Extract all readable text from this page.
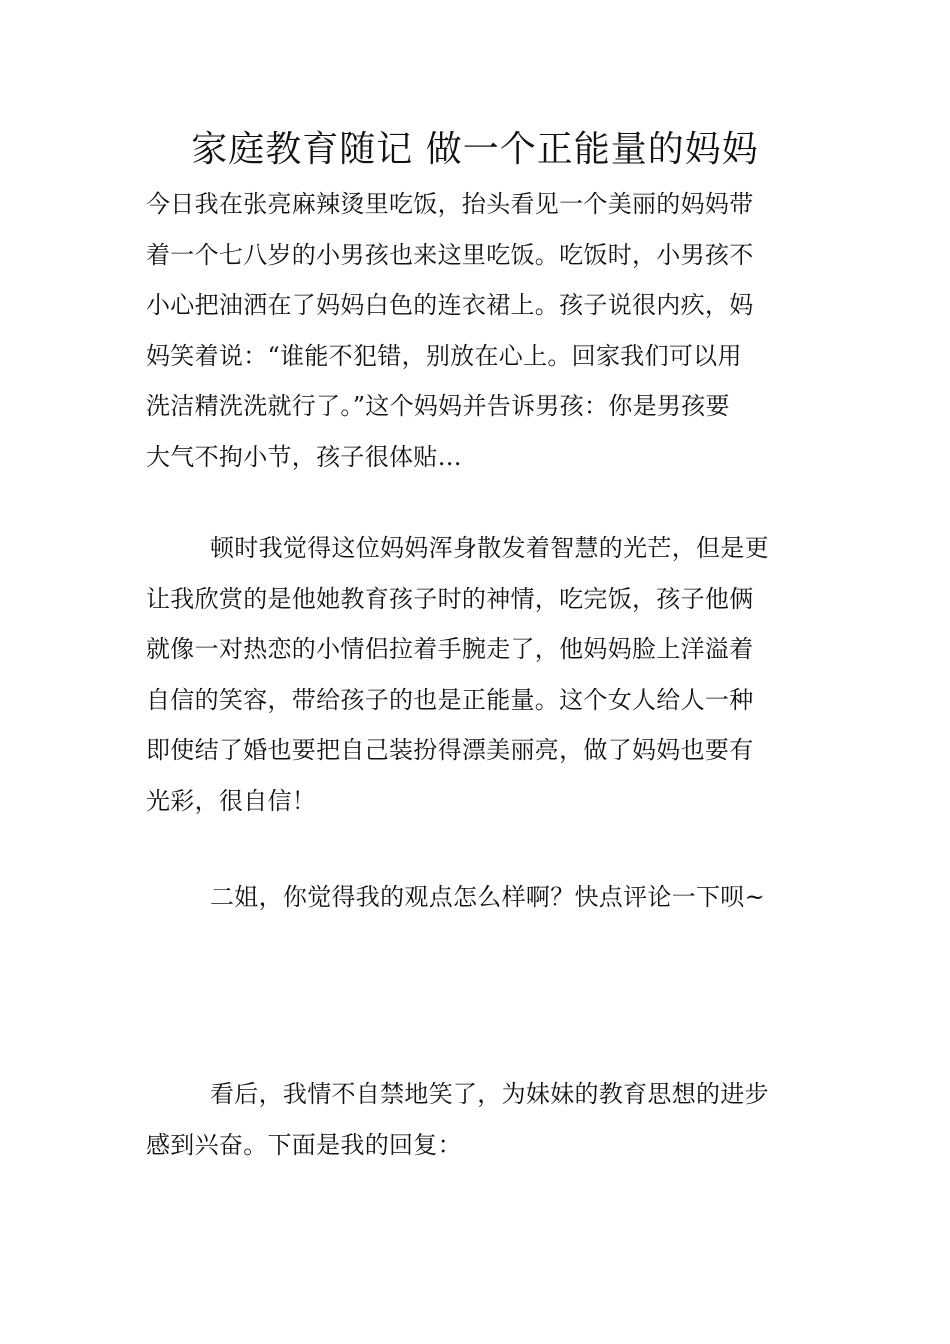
家庭教育随记 做一个正能量的妈妈
今日我在张亮麻辣烫里吃饭，抬头看见一个美丽的妈妈带
着一个七八岁的小男孩也来这里吃饭。吃饭时，小男孩不
小心把油洒在了妈妈白色的连衣裙上。孩子说很内疚，妈
妈笑着说：“谁能不犯错，别放在心上。回家我们可以用
洗洁精洗洗就行了。”这个妈妈并告诉男孩：你是男孩要
大气不拘小节，孩子很体贴…
顿时我觉得这位妈妈浑身散发着智慧的光芒，但是更
让我欣赏的是他她教育孩子时的神情，吃完饭，孩子他俩
就像一对热恋的小情侣拉着手腕走了，他妈妈脸上洋溢着
自信的笑容，带给孩子的也是正能量。这个女人给人一种
即使结了婚也要把自己装扮得漂美丽亮，做了妈妈也要有
光彩，很自信！
二姐，你觉得我的观点怎么样啊？快点评论一下呗~
看后，我情不自禁地笑了，为妹妹的教育思想的进步
感到兴奋。下面是我的回复：
